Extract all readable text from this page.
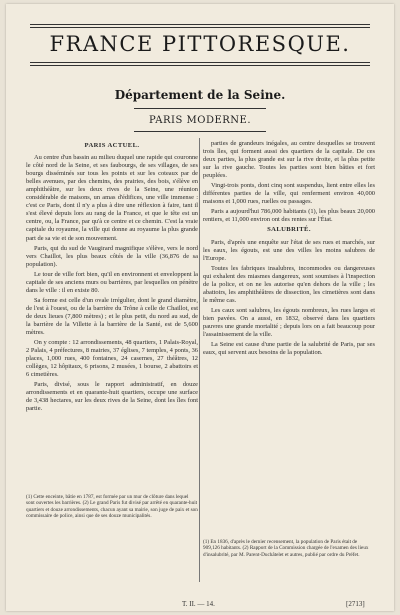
FRANCE PITTORESQUE.
Département de la Seine.
PARIS MODERNE.
PARIS ACTUEL.

Au centre d'un bassin au milieu duquel une rapide qui couronne le côté nord de la Seine, et ses faubourgs, de ses villages, de ses bourgs disséminés sur tous les points et sur les coteaux par de belles avenues, par des chemins, des prairies, des bois, s'élève en amphithéâtre, sur les deux rives de la Seine, une réunion considérable de maisons, un amas d'édifices, une ville immense : c'est ce Paris, dont il n'y a plus à dire une réflexion à faire, tant il s'est élevé depuis lors au rang de la France, et que le tête est un centre, ou, la France, par qu'à ce centre et ce chemin. C'est la vraie capitale du royaume, la ville qui donne au royaume la plus grande part de sa vie et de son mouvement.

Paris, qui du sud de Vaugirard magnifique s'élève, vers le nord vers Chaillot, les plus beaux côtés de la ville (36,876 de sa population).

Le tour de ville fort bien, qu'il en environnent et enveloppent la capitale de ses anciens murs ou barrières, par lesquelles on pénètre dans le ville : il en existe 80.

Sa forme est celle d'un ovale irrégulier, dont le grand diamètre, de l'est à l'ouest, ou de la barrière du Trône à celle de Chaillot, est de deux lieues (7,800 mètres) ; et le plus petit, du nord au sud, de la barrière de la Villette à la barrière de la Santé, est de 5,600 mètres.

On y compte : 12 arrondissements, 48 quartiers, 1 Palais-Royal, 2 Palais, 4 préfectures, 8 mairies, 37 églises, 7 temples, 4 ponts, 36 places, 1,000 rues, 400 fontaines, 24 casernes, 27 théâtres, 12 collèges, 12 hôpitaux, 6 prisons, 2 musées, 1 bourse, 2 abattoirs et 6 cimetières.

Paris, divisé, sous le rapport administratif, en douze arrondissements et en quarante-huit quartiers, occupe une surface de 3,438 hectares, sur les deux rives de la Seine, dont les îles font partie.

parties de grandeurs inégales, au centre desquelles se trouvent trois îles, qui forment aussi des quartiers de la capitale. De ces deux parties, la plus grande est sur la rive droite, et la plus petite sur la rive gauche. Toutes les parties sont bien bâties et fort peuplées.

Vingt-trois ponts, dont cinq sont suspendus, lient entre elles les différentes parties de la ville, qui renferment environ 40,000 maisons et 1,000 rues, ruelles ou passages.

Paris a aujourd'hui 786,000 habitants (1), les plus beaux 20,000 rentiers, et 11,000 environ ont des rentes sur l'État.

SALUBRITÉ.

Paris, d'après une enquête sur l'état de ses rues et marchés, sur les eaux, les égouts, est une des villes les moins salubres de l'Europe.

Toutes les fabriques insalubres, incommodes ou dangereuses qui exhalent des miasmes dangereux, sont soumises à l'inspection de la police, et on ne les autorise qu'en dehors de la ville ; les abattoirs, les amphithéâtres de dissection, les cimetières sont dans le même cas.

Les caux sont salubres, les égouts nombreux, les rues larges et bien pavées. On a aussi, en 1832, observé dans les quartiers pauvres une grande mortalité ; depuis lors on a fait beaucoup pour l'assainissement de la ville.

La Seine est cause d'une partie de la salubrité de Paris, par ses eaux, qui servent aux besoins de la population.

(1) Cette enceinte, bâtie en 1787, est formée par un mur de clôture dans lequel sont ouvertes les barrières. (2) Le grand Paris fut divisé par arrêté en quarante-huit quartiers et douze arrondissements, chacun ayant sa mairie, son juge de paix et son commissaire de police, ainsi que de ses douze municipalités.
(1) En 1836, d'après le dernier recensement, la population de Paris était de 909,126 habitants. (2) Rapport de la Commission chargée de l'examen des lieux d'insalubrité, par M. Parent-Duchâtelet et autres, publié par ordre du Préfet.
T. II. — 14.	[2713]
